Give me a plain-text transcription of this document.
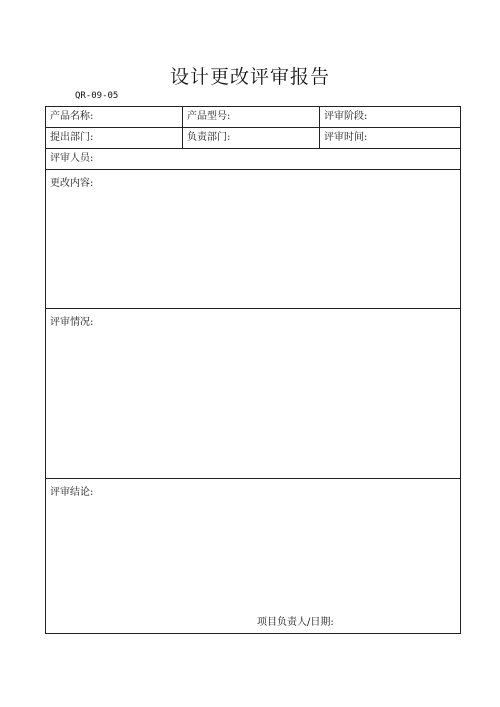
设计更改评审报告
QR-09-05
产品名称:	产品型号:	评审阶段:
提出部门:	负责部门:	评审时间:
评审人员:
更改内容:
评审情况:
评审结论:
项目负责人/日期:
